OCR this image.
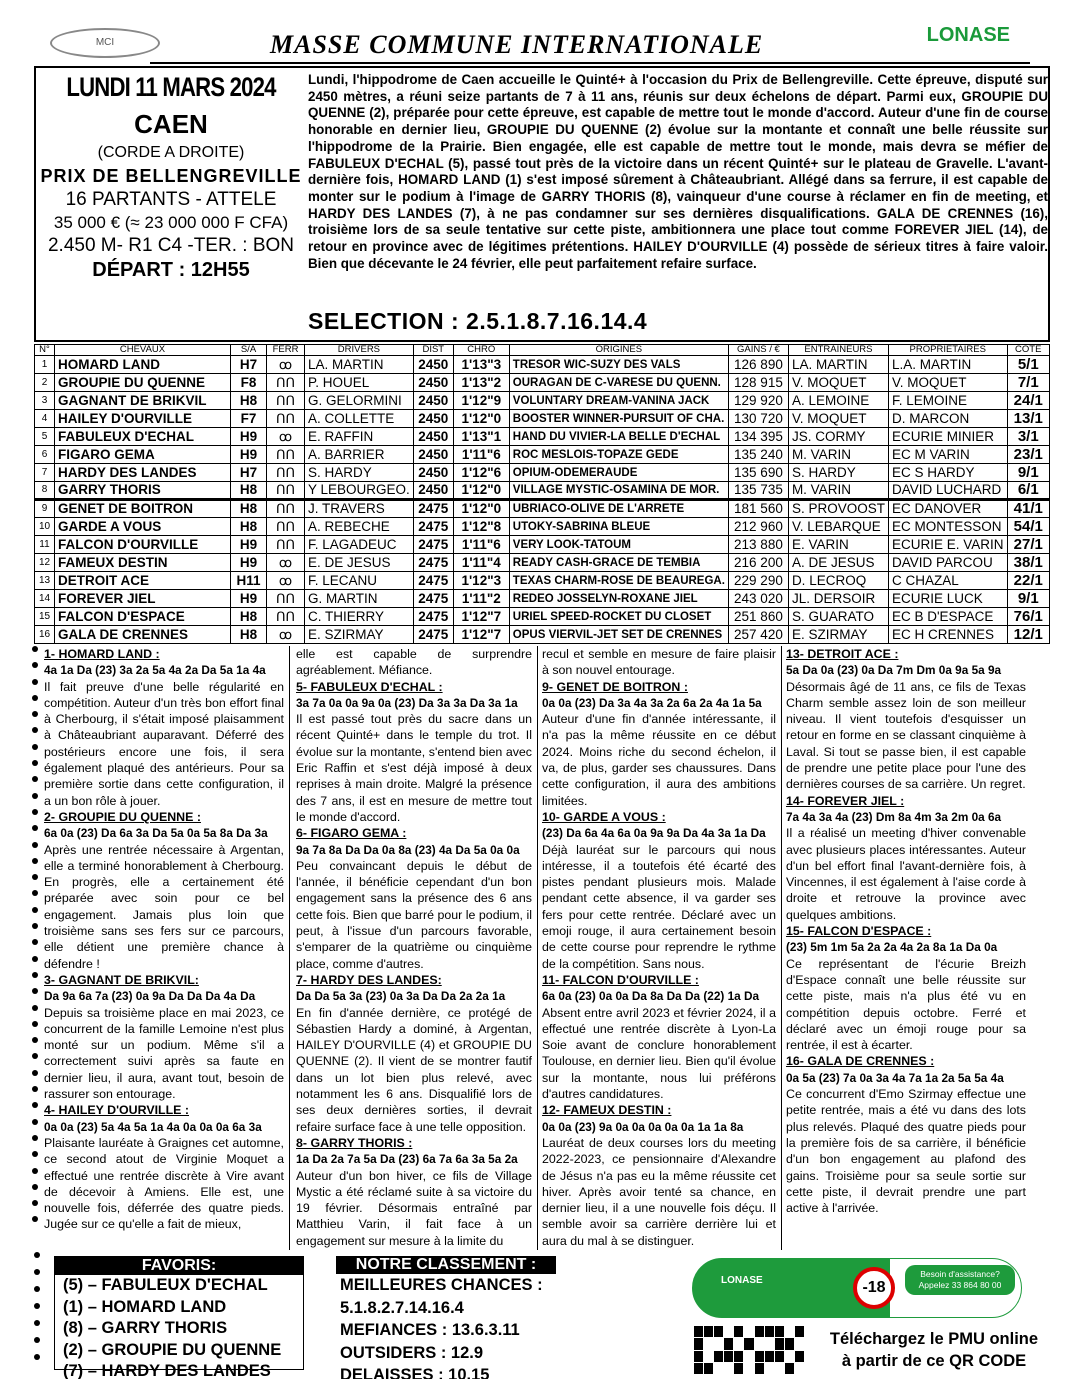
MCI	MASSE COMMUNE INTERNATIONALE	LONASE
LUNDI 11 MARS 2024
CAEN
(CORDE A DROITE)
PRIX DE BELLENGREVILLE
16 PARTANTS - ATTELE
35 000 € (≈ 23 000 000 F CFA)
2.450 M- R1 C4 -TER. : BON
DÉPART : 12H55
Lundi, l'hippodrome de Caen accueille le Quinté+ à l'occasion du Prix de Bellengreville. Cette épreuve, disputé sur 2450 mètres, a réuni seize partants de 7 à 11 ans, réunis sur deux échelons de départ. Parmi eux, GROUPIE DU QUENNE (2), préparée pour cette épreuve, est capable de mettre tout le monde d'accord. Auteur d'une fin de course honorable en dernier lieu, GROUPIE DU QUENNE (2) évolue sur la montante et connaît une belle réussite sur l'hippodrome de la Prairie. Bien engagée, elle est capable de mettre tout le monde, mais devra se méfier de FABULEUX D'ECHAL (5), passé tout près de la victoire dans un récent Quinté+ sur le plateau de Gravelle. L'avant-dernière fois, HOMARD LAND (1) s'est imposé sûrement à Châteaubriant. Allégé dans sa ferrure, il est capable de monter sur le podium à l'image de GARRY THORIS (8), vainqueur d'une course à réclamer en fin de meeting, et HARDY DES LANDES (7), à ne pas condamner sur ses dernières disqualifications. GALA DE CRENNES (16), troisième lors de sa seule tentative sur cette piste, ambitionnera une place tout comme FOREVER JIEL (14), de retour en province avec de légitimes prétentions. HAILEY D'OURVILLE (4) possède de sérieux titres à faire valoir. Bien que décevante le 24 février, elle peut parfaitement refaire surface.
SELECTION : 2.5.1.8.7.16.14.4
N°	CHEVAUX	S/A	FERR	DRIVERS	DIST	CHRO	ORIGINES	GAINS / €	ENTRAINEURS	PROPRIETAIRES	COTE
1	HOMARD LAND	H7	ꝏ	LA. MARTIN	2450	1'13"3	TRESOR WIC-SUZY DES VALS	126 890	LA. MARTIN	L.A. MARTIN	5/1
2	GROUPIE DU QUENNE	F8	ᑎᑎ	P. HOUEL	2450	1'13"2	OURAGAN DE C-VARESE DU QUENN.	128 915	V. MOQUET	V. MOQUET	7/1
3	GAGNANT DE BRIKVIL	H8	ᑎᑎ	G. GELORMINI	2450	1'12"9	VOLUNTARY DREAM-VANINA JACK	129 920	A. LEMOINE	F. LEMOINE	24/1
4	HAILEY D'OURVILLE	F7	ᑎᑎ	A. COLLETTE	2450	1'12"0	BOOSTER WINNER-PURSUIT OF CHA.	130 720	V. MOQUET	D. MARCON	13/1
5	FABULEUX D'ECHAL	H9	ꝏ	E. RAFFIN	2450	1'13"1	HAND DU VIVIER-LA BELLE D'ECHAL	134 395	JS. CORMY	ECURIE MINIER	3/1
6	FIGARO GEMA	H9	ᑎᑎ	A. BARRIER	2450	1'11"6	ROC MESLOIS-TOPAZE GEDE	135 240	M. VARIN	EC M VARIN	23/1
7	HARDY DES LANDES	H7	ᑎᑎ	S. HARDY	2450	1'12"6	OPIUM-ODEMERAUDE	135 690	S. HARDY	EC S HARDY	9/1
8	GARRY THORIS	H8	ᑎᑎ	Y LEBOURGEO.	2450	1'12"0	VILLAGE MYSTIC-OSAMINA DE MOR.	135 735	M. VARIN	DAVID LUCHARD	6/1
9	GENET DE BOITRON	H8	ᑎᑎ	J. TRAVERS	2475	1'12"0	UBRIACO-OLIVE DE L'ARRETE	181 560	S. PROVOOST	EC DANOVER	41/1
10	GARDE A VOUS	H8	ᑎᑎ	A. REBECHE	2475	1'12"8	UTOKY-SABRINA BLEUE	212 960	V. LEBARQUE	EC MONTESSON	54/1
11	FALCON D'OURVILLE	H9	ᑎᑎ	F. LAGADEUC	2475	1'11"6	VERY LOOK-TATOUM	213 880	E. VARIN	ECURIE E. VARIN	27/1
12	FAMEUX DESTIN	H9	ꝏ	E. DE JESUS	2475	1'11"4	READY CASH-GRACE DE TEMBIA	216 200	A. DE JESUS	DAVID PARCOU	38/1
13	DETROIT ACE	H11	ꝏ	F. LECANU	2475	1'12"3	TEXAS CHARM-ROSE DE BEAUREGA.	229 290	D. LECROQ	C CHAZAL	22/1
14	FOREVER JIEL	H9	ᑎᑎ	G. MARTIN	2475	1'11"2	REDEO JOSSELYN-ROXANE JIEL	243 020	JL. DERSOIR	ECURIE LUCK	9/1
15	FALCON D'ESPACE	H8	ᑎᑎ	C. THIERRY	2475	1'12"7	URIEL SPEED-ROCKET DU CLOSET	251 860	S. GUARATO	EC B D'ESPACE	76/1
16	GALA DE CRENNES	H8	ꝏ	E. SZIRMAY	2475	1'12"7	OPUS VIERVIL-JET SET DE CRENNES	257 420	E. SZIRMAY	EC H CRENNES	12/1
1- HOMARD LAND :
4a 1a Da (23) 3a 2a 5a 4a 2a Da 5a 1a 4a
Il fait preuve d'une belle régularité en compétition. Auteur d'un très bon effort final à Cherbourg, il s'était imposé plaisamment à Châteaubriant auparavant. Déferré des postérieurs encore une fois, il sera également plaqué des antérieurs. Pour sa première sortie dans cette configuration, il a un bon rôle à jouer.
2- GROUPIE DU QUENNE :
6a 0a (23) Da 6a 3a Da 5a 0a 5a 8a Da 3a
Après une rentrée nécessaire à Argentan, elle a terminé honorablement à Cherbourg. En progrès, elle a certainement été préparée avec soin pour ce bel engagement. Jamais plus loin que troisième sans ses fers sur ce parcours, elle détient une première chance à défendre !
3- GAGNANT DE BRIKVIL:
Da 9a 6a 7a (23) 0a 9a Da Da Da 4a Da
Depuis sa troisième place en mai 2023, ce concurrent de la famille Lemoine n'est plus monté sur un podium. Même s'il a correctement suivi après sa faute en dernier lieu, il aura, avant tout, besoin de rassurer son entourage.
4- HAILEY D'OURVILLE :
0a 0a (23) 5a 4a 5a 1a 4a 0a 0a 0a 6a 3a
Plaisante lauréate à Graignes cet automne, ce second atout de Virginie Moquet a effectué une rentrée discrète à Vire avant de décevoir à Amiens. Elle est, une nouvelle fois, déferrée des quatre pieds. Jugée sur ce qu'elle a fait de mieux,
elle est capable de surprendre agréablement. Méfiance.
5- FABULEUX D'ECHAL :
3a 7a 0a 0a 9a 0a (23) Da 3a 3a Da 3a 1a
Il est passé tout près du sacre dans un récent Quinté+ dans le temple du trot. Il évolue sur la montante, s'entend bien avec Eric Raffin et s'est déjà imposé à deux reprises à main droite. Malgré la présence des 7 ans, il est en mesure de mettre tout le monde d'accord.
6- FIGARO GEMA :
9a 7a 8a Da Da 0a 8a (23) 4a Da 5a 0a 0a
Peu convaincant depuis le début de l'année, il bénéficie cependant d'un bon engagement sans la présence des 6 ans cette fois. Bien que barré pour le podium, il peut, à l'issue d'un parcours favorable, s'emparer de la quatrième ou cinquième place, comme d'autres.
7- HARDY DES LANDES:
Da Da 5a 3a (23) 0a 3a Da Da 2a 2a 1a
En fin d'année dernière, ce protégé de Sébastien Hardy a dominé, à Argentan, HAILEY D'OURVILLE (4) et GROUPIE DU QUENNE (2). Il vient de se montrer fautif dans un lot bien plus relevé, avec notamment les 6 ans. Disqualifié lors de ses deux dernières sorties, il devrait refaire surface face à une telle opposition.
8- GARRY THORIS :
1a Da 2a 7a 5a Da (23) 6a 7a 6a 3a 5a 2a
Auteur d'un bon hiver, ce fils de Village Mystic a été réclamé suite à sa victoire du 19 février. Désormais entraîné par Matthieu Varin, il fait face à un engagement sur mesure à la limite du
recul et semble en mesure de faire plaisir à son nouvel entourage.
9- GENET DE BOITRON :
0a 0a (23) Da 3a 4a 3a 2a 6a 2a 4a 1a 5a
Auteur d'une fin d'année intéressante, il n'a pas la même réussite en ce début 2024. Moins riche du second échelon, il va, de plus, garder ses chaussures. Dans cette configuration, il aura des ambitions limitées.
10- GARDE A VOUS :
(23) Da 6a 4a 6a 0a 9a 9a Da 4a 3a 1a Da
Déjà lauréat sur le parcours qui nous intéresse, il a toutefois été écarté des pistes pendant plusieurs mois. Malade pendant cette absence, il va garder ses fers pour cette rentrée. Déclaré avec un emoji rouge, il aura certainement besoin de cette course pour reprendre le rythme de la compétition. Sans nous.
11- FALCON D'OURVILLE :
6a 0a (23) 0a 0a Da 8a Da Da (22) 1a Da
Absent entre avril 2023 et février 2024, il a effectué une rentrée discrète à Lyon-La Soie avant de conclure honorablement Toulouse, en dernier lieu. Bien qu'il évolue sur la montante, nous lui préférons d'autres candidatures.
12- FAMEUX DESTIN :
0a 0a (23) 9a 0a 0a 0a 0a 0a 1a 1a 8a
Lauréat de deux courses lors du meeting 2022-2023, ce pensionnaire d'Alexandre de Jésus n'a pas eu la même réussite cet hiver. Après avoir tenté sa chance, en dernier lieu, il a une nouvelle fois déçu. Il semble avoir sa carrière derrière lui et aura du mal à se distinguer.
13- DETROIT ACE :
5a Da 0a (23) 0a Da 7m Dm 0a 9a 5a 9a
Désormais âgé de 11 ans, ce fils de Texas Charm semble assez loin de son meilleur niveau. Il vient toutefois d'esquisser un retour en forme en se classant cinquième à Laval. Si tout se passe bien, il est capable de prendre une petite place pour l'une des dernières courses de sa carrière. Un regret.
14- FOREVER JIEL :
7a 4a 3a 4a (23) Dm 8a 4m 3a 2m 0a 6a
Il a réalisé un meeting d'hiver convenable avec plusieurs places intéressantes. Auteur d'un bel effort final l'avant-dernière fois, à Vincennes, il est également à l'aise corde à droite et retrouve la province avec quelques ambitions.
15- FALCON D'ESPACE :
(23) 5m 1m 5a 2a 2a 4a 2a 8a 1a Da 0a
Ce représentant de l'écurie Breizh d'Espace connaît une belle réussite sur cette piste, mais n'a plus été vu en compétition depuis octobre. Ferré et déclaré avec un émoji rouge pour sa rentrée, il est à écarter.
16- GALA DE CRENNES :
0a 5a (23) 7a 0a 3a 4a 7a 1a 2a 5a 5a 4a
Ce concurrent d'Emo Szirmay effectue une petite rentrée, mais a été vu dans des lots plus relevés. Plaqué des quatre pieds pour la première fois de sa carrière, il bénéficie d'un bon engagement au plafond des gains. Troisième pour sa seule sortie sur cette piste, il devrait prendre une part active à l'arrivée.
FAVORIS:
(5) – FABULEUX D'ECHAL
(1) – HOMARD LAND
(8) – GARRY THORIS
(2) – GROUPIE DU QUENNE
(7) – HARDY DES LANDES
NOTRE CLASSEMENT :
MEILLEURES CHANCES :
5.1.8.2.7.14.16.4
MEFIANCES : 13.6.3.11
OUTSIDERS : 12.9
DELAISSES : 10.15
LONASE	-18
Besoin d'assistance? Appelez 33 864 80 00
Téléchargez le PMU online à partir de ce QR CODE
